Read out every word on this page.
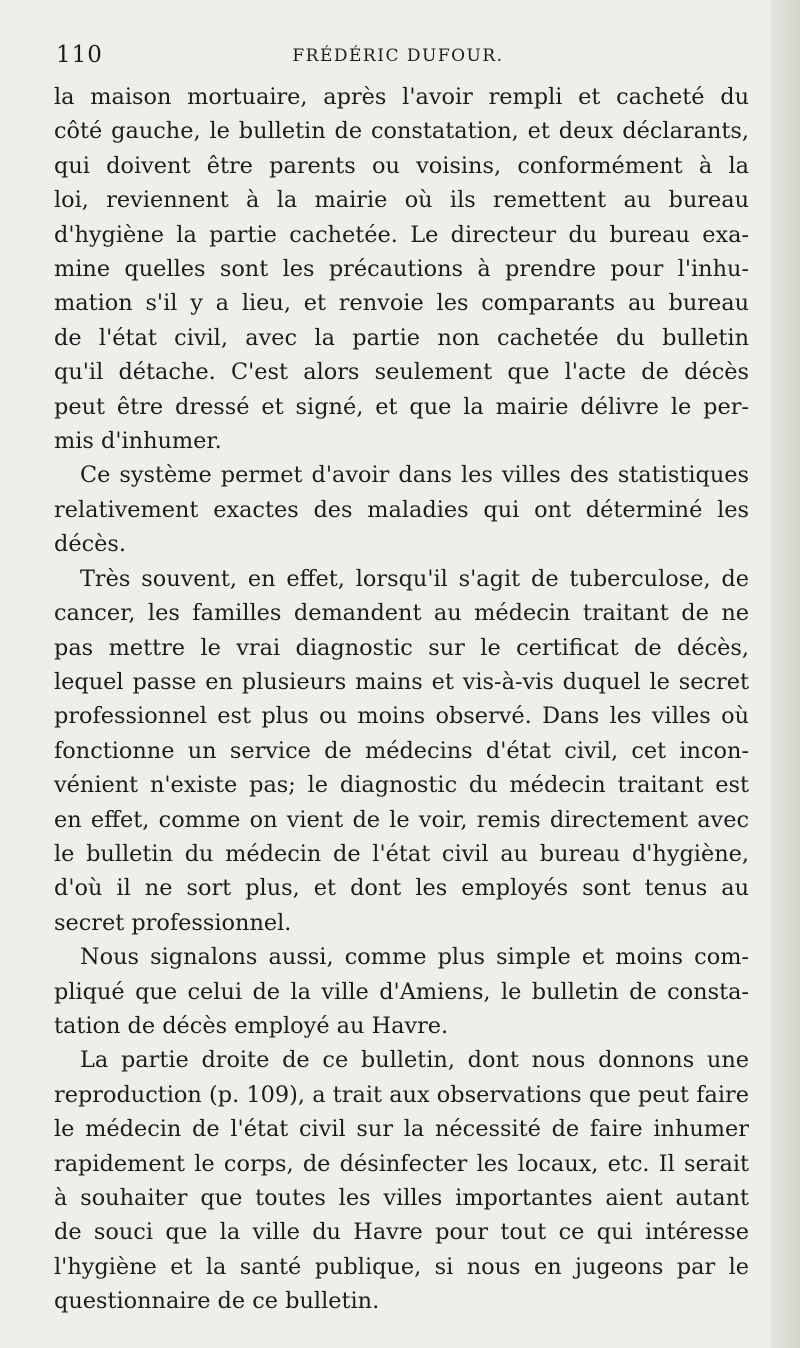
110	FRÉDÉRIC DUFOUR.

la maison mortuaire, après l'avoir rempli et cacheté du
côté gauche, le bulletin de constatation, et deux déclarants,
qui doivent être parents ou voisins, conformément à la
loi, reviennent à la mairie où ils remettent au bureau
d'hygiène la partie cachetée. Le directeur du bureau exa-
mine quelles sont les précautions à prendre pour l'inhu-
mation s'il y a lieu, et renvoie les comparants au bureau
de l'état civil, avec la partie non cachetée du bulletin
qu'il détache. C'est alors seulement que l'acte de décès
peut être dressé et signé, et que la mairie délivre le per-
mis d'inhumer.

Ce système permet d'avoir dans les villes des statistiques
relativement exactes des maladies qui ont déterminé les
décès.

Très souvent, en effet, lorsqu'il s'agit de tuberculose, de
cancer, les familles demandent au médecin traitant de ne
pas mettre le vrai diagnostic sur le certificat de décès,
lequel passe en plusieurs mains et vis-à-vis duquel le secret
professionnel est plus ou moins observé. Dans les villes où
fonctionne un service de médecins d'état civil, cet incon-
vénient n'existe pas; le diagnostic du médecin traitant est
en effet, comme on vient de le voir, remis directement avec
le bulletin du médecin de l'état civil au bureau d'hygiène,
d'où il ne sort plus, et dont les employés sont tenus au
secret professionnel.

Nous signalons aussi, comme plus simple et moins com-
pliqué que celui de la ville d'Amiens, le bulletin de consta-
tation de décès employé au Havre.

La partie droite de ce bulletin, dont nous donnons une
reproduction (p. 109), a trait aux observations que peut faire
le médecin de l'état civil sur la nécessité de faire inhumer
rapidement le corps, de désinfecter les locaux, etc. Il serait
à souhaiter que toutes les villes importantes aient autant
de souci que la ville du Havre pour tout ce qui intéresse
l'hygiène et la santé publique, si nous en jugeons par le
questionnaire de ce bulletin.
